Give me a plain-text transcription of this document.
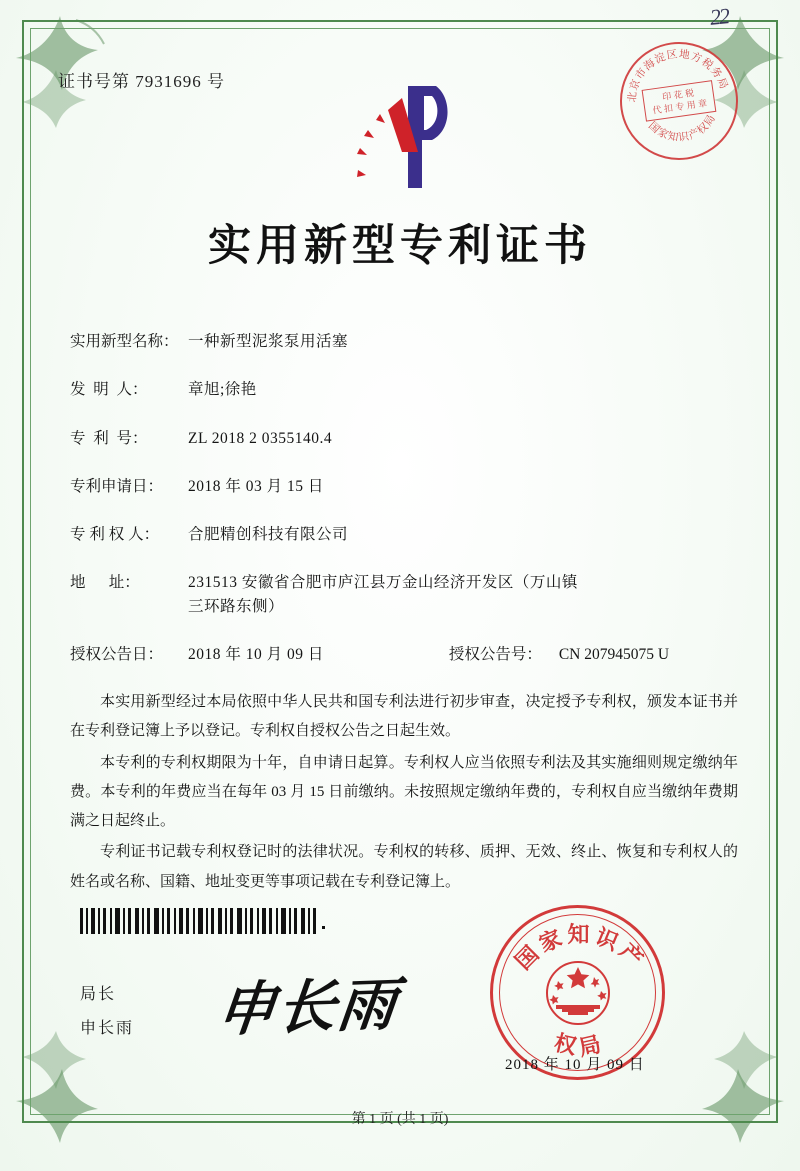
22
证书号第 7931696 号
北京市海淀区地方税务局
国家知识产权局
印 花 税
代 扣 专 用 章
实用新型专利证书
实用新型名称： 一种新型泥浆泵用活塞
发  明  人：	章旭;徐艳
专  利  号：	ZL 2018 2 0355140.4
专利申请日：	2018 年 03 月 15 日
专 利 权 人：	合肥精创科技有限公司
地      址：	231513 安徽省合肥市庐江县万金山经济开发区（万山镇
三环路东侧）
授权公告日：	2018 年 10 月 09 日	授权公告号：	CN 207945075 U

本实用新型经过本局依照中华人民共和国专利法进行初步审查，决定授予专利权，颁发本证书并在专利登记簿上予以登记。专利权自授权公告之日起生效。

本专利的专利权期限为十年，自申请日起算。专利权人应当依照专利法及其实施细则规定缴纳年费。本专利的年费应当在每年 03 月 15 日前缴纳。未按照规定缴纳年费的，专利权自应当缴纳年费期满之日起终止。

专利证书记载专利权登记时的法律状况。专利权的转移、质押、无效、终止、恢复和专利权人的姓名或名称、国籍、地址变更等事项记载在专利登记簿上。

局长
申长雨 申长雨
国家知识产
权局
2018 年 10 月 09 日
第 1 页 (共 1 页)
